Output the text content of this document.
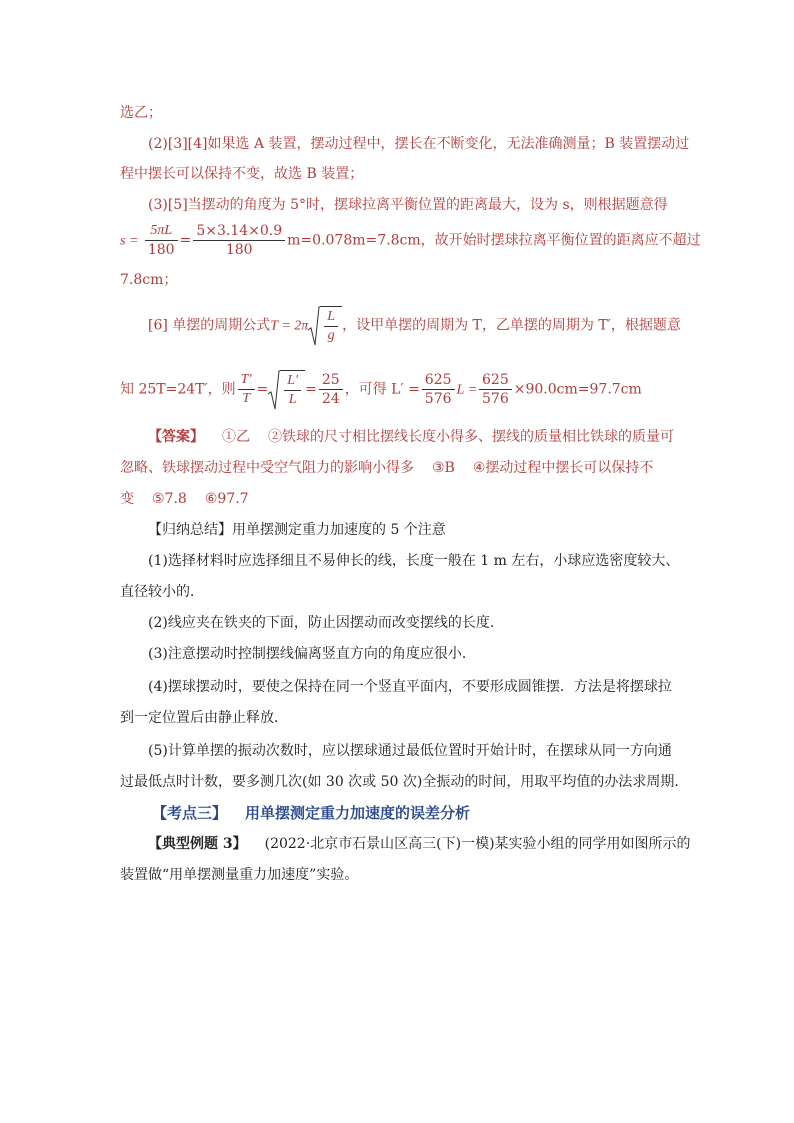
选乙；
(2)[3][4]如果选 A 装置，摆动过程中，摆长在不断变化，无法准确测量；B 装置摆动过
程中摆长可以保持不变，故选 B 装置；
(3)[5]当摆动的角度为 5°时，摆球拉离平衡位置的距离最大，设为 s，则根据题意得
$s = \frac{5\pi L}{180} = \frac{5\times 3.14\times 0.9}{180} m=0.078m=7.8cm$，故开始时摆球拉离平衡位置的距离应不超过
7.8cm；
[6] 单摆的周期公式$T = 2\pi \frac{L}{g}$ ，设甲单摆的周期为 T，乙单摆的周期为 T′，根据题意
知 25T=24T′，则 $\frac{T'}{T} = \frac{L'}{L} = \frac{25}{24}$ ，可得 $L' = \frac{625}{576}$ $L = \frac{625}{576} \times 90.0cm=97.7cm$
【答案】 ①乙 ②铁球的尺寸相比摆线长度小得多、摆线的质量相比铁球的质量可
忽略、铁球摆动过程中受空气阻力的影响小得多 ③B ④摆动过程中摆长可以保持不
变 ⑤7.8 ⑥97.7
【归纳总结】用单摆测定重力加速度的 5 个注意
(1)选择材料时应选择细且不易伸长的线，长度一般在 1 m 左右，小球应选密度较大、
直径较小的．
(2)线应夹在铁夹的下面，防止因摆动而改变摆线的长度．
(3)注意摆动时控制摆线偏离竖直方向的角度应很小．
(4)摆球摆动时，要使之保持在同一个竖直平面内，不要形成圆锥摆．方法是将摆球拉
到一定位置后由静止释放．
(5)计算单摆的振动次数时，应以摆球通过最低位置时开始计时，在摆球从同一方向通
过最低点时计数，要多测几次(如 30 次或 50 次)全振动的时间，用取平均值的办法求周期．
【考点三】 用单摆测定重力加速度的误差分析
【典型例题 3】 (2022·北京市石景山区高三(下)一模)某实验小组的同学用如图所示的
装置做“用单摆测量重力加速度”实验。
